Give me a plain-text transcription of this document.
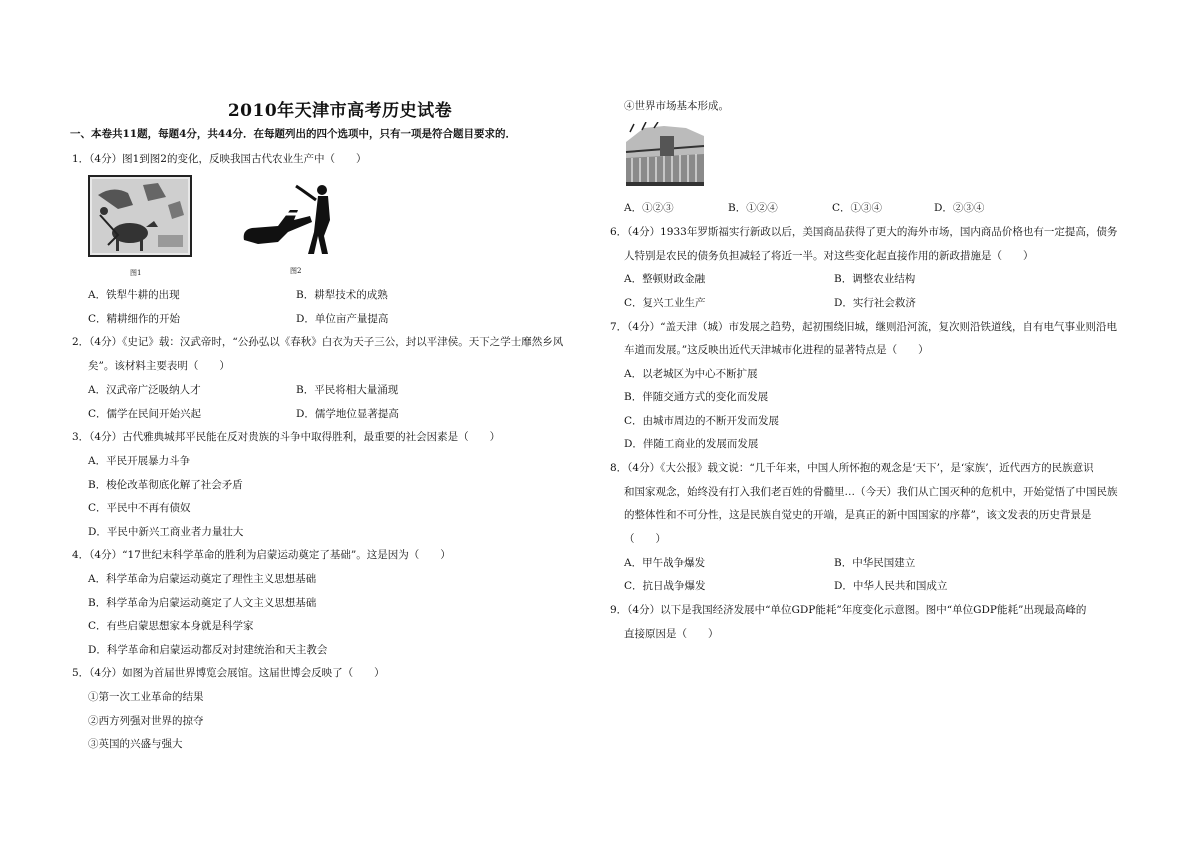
2010年天津市高考历史试卷
一、本卷共11题，每题4分，共44分．在每题列出的四个选项中，只有一项是符合题目要求的．
1．（4分）图1到图2的变化，反映我国古代农业生产中（　　）
图1	图2
A．铁犁牛耕的出现	B．耕犁技术的成熟
C．精耕细作的开始	D．单位亩产量提高
2．（4分）《史记》载：汉武帝时，“公孙弘以《春秋》白衣为天子三公，封以平津侯。天下之学士靡然乡风
矣”。该材料主要表明（　　）
A．汉武帝广泛吸纳人才	B．平民将相大量涌现
C．儒学在民间开始兴起	D．儒学地位显著提高
3．（4分）古代雅典城邦平民能在反对贵族的斗争中取得胜利，最重要的社会因素是（　　）
A．平民开展暴力斗争
B．梭伦改革彻底化解了社会矛盾
C．平民中不再有债奴
D．平民中新兴工商业者力量壮大
4．（4分）“17世纪末科学革命的胜利为启蒙运动奠定了基础”。这是因为（　　）
A．科学革命为启蒙运动奠定了理性主义思想基础
B．科学革命为启蒙运动奠定了人文主义思想基础
C．有些启蒙思想家本身就是科学家
D．科学革命和启蒙运动都反对封建统治和天主教会
5．（4分）如图为首届世界博览会展馆。这届世博会反映了（　　）
①第一次工业革命的结果
②西方列强对世界的掠夺
③英国的兴盛与强大
④世界市场基本形成。
A．①②③	B．①②④	C．①③④	D．②③④
6．（4分）1933年罗斯福实行新政以后，美国商品获得了更大的海外市场，国内商品价格也有一定提高，债务
人特别是农民的债务负担减轻了将近一半。对这些变化起直接作用的新政措施是（　　）
A．整顿财政金融	B．调整农业结构
C．复兴工业生产	D．实行社会救济
7．（4分）“盖天津（城）市发展之趋势，起初围绕旧城，继则沿河流，复次则沿铁道线，自有电气事业则沿电
车道而发展。”这反映出近代天津城市化进程的显著特点是（　　）
A．以老城区为中心不断扩展
B．伴随交通方式的变化而发展
C．由城市周边的不断开发而发展
D．伴随工商业的发展而发展
8．（4分）《大公报》载文说：“几千年来，中国人所怀抱的观念是‘天下’，是‘家族’，近代西方的民族意识
和国家观念，始终没有打入我们老百姓的骨髓里…（今天）我们从亡国灭种的危机中，开始觉悟了中国民族
的整体性和不可分性，这是民族自觉史的开端，是真正的新中国国家的序幕”，该文发表的历史背景是
（　　）
A．甲午战争爆发	B．中华民国建立
C．抗日战争爆发	D．中华人民共和国成立
9．（4分）以下是我国经济发展中“单位GDP能耗”年度变化示意图。图中“单位GDP能耗”出现最高峰的
直接原因是（　　）
